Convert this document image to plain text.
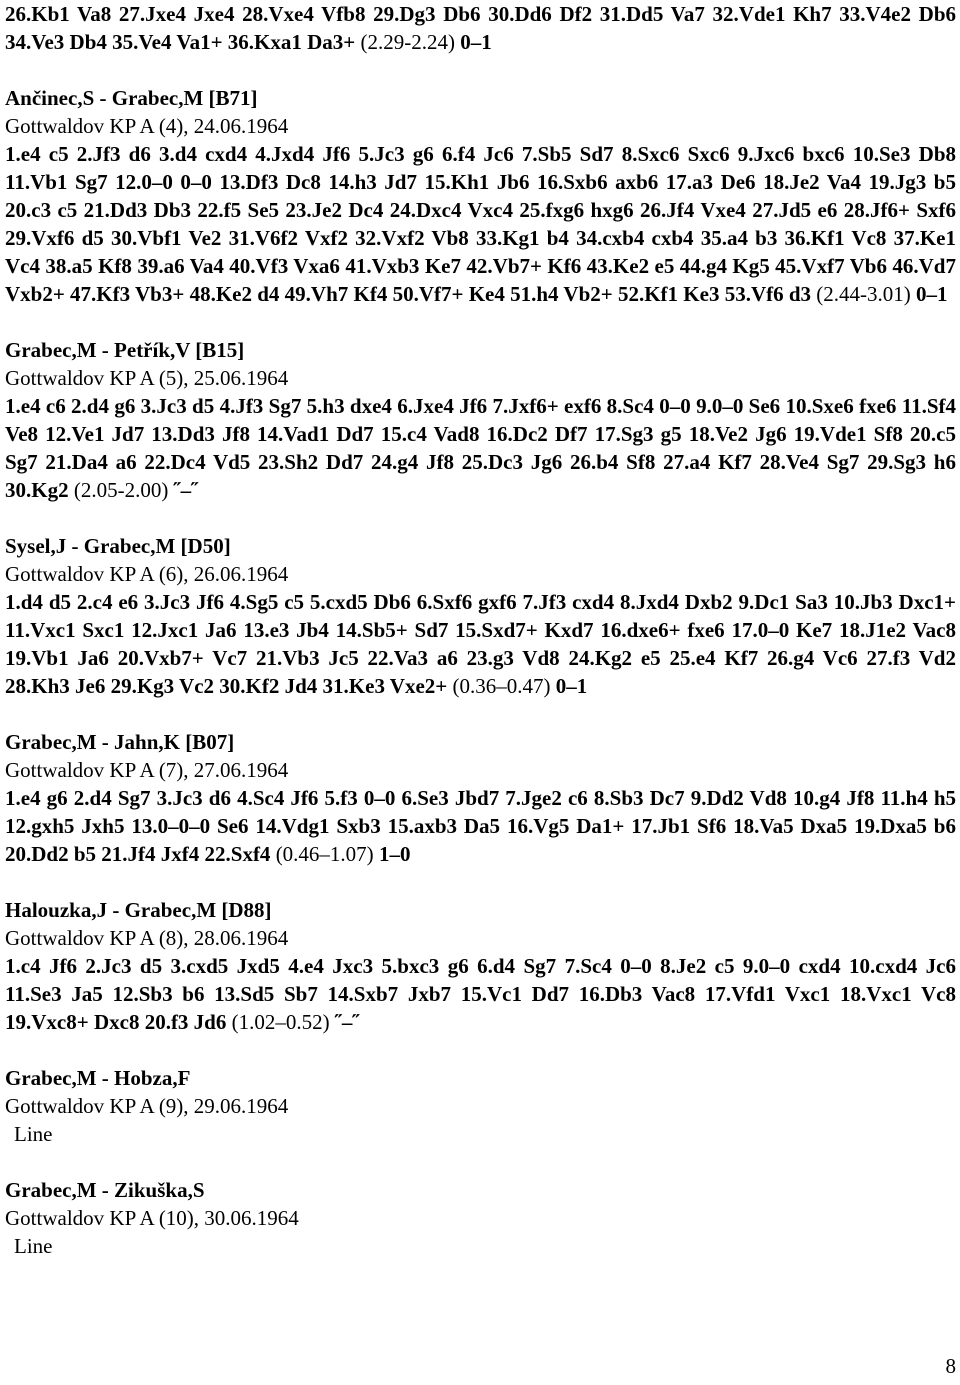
26.Kb1 Va8 27.Jxe4 Jxe4 28.Vxe4 Vfb8 29.Dg3 Db6 30.Dd6 Df2 31.Dd5 Va7 32.Vde1 Kh7 33.V4e2 Db6 34.Ve3 Db4 35.Ve4 Va1+ 36.Kxa1 Da3+ (2.29-2.24) 0–1

Ančinec,S - Grabec,M [B71]
Gottwaldov KP A (4), 24.06.1964

1.e4 c5 2.Jf3 d6 3.d4 cxd4 4.Jxd4 Jf6 5.Jc3 g6 6.f4 Jc6 7.Sb5 Sd7 8.Sxc6 Sxc6 9.Jxc6 bxc6 10.Se3 Db8 11.Vb1 Sg7 12.0–0 0–0 13.Df3 Dc8 14.h3 Jd7 15.Kh1 Jb6 16.Sxb6 axb6 17.a3 De6 18.Je2 Va4 19.Jg3 b5 20.c3 c5 21.Dd3 Db3 22.f5 Se5 23.Je2 Dc4 24.Dxc4 Vxc4 25.fxg6 hxg6 26.Jf4 Vxe4 27.Jd5 e6 28.Jf6+ Sxf6 29.Vxf6 d5 30.Vbf1 Ve2 31.V6f2 Vxf2 32.Vxf2 Vb8 33.Kg1 b4 34.cxb4 cxb4 35.a4 b3 36.Kf1 Vc8 37.Ke1 Vc4 38.a5 Kf8 39.a6 Va4 40.Vf3 Vxa6 41.Vxb3 Ke7 42.Vb7+ Kf6 43.Ke2 e5 44.g4 Kg5 45.Vxf7 Vb6 46.Vd7 Vxb2+ 47.Kf3 Vb3+ 48.Ke2 d4 49.Vh7 Kf4 50.Vf7+ Ke4 51.h4 Vb2+ 52.Kf1 Ke3 53.Vf6 d3 (2.44-3.01) 0–1

Grabec,M - Petřík,V [B15]
Gottwaldov KP A (5), 25.06.1964

1.e4 c6 2.d4 g6 3.Jc3 d5 4.Jf3 Sg7 5.h3 dxe4 6.Jxe4 Jf6 7.Jxf6+ exf6 8.Sc4 0–0 9.0–0 Se6 10.Sxe6 fxe6 11.Sf4 Ve8 12.Ve1 Jd7 13.Dd3 Jf8 14.Vad1 Dd7 15.c4 Vad8 16.Dc2 Df7 17.Sg3 g5 18.Ve2 Jg6 19.Vde1 Sf8 20.c5 Sg7 21.Da4 a6 22.Dc4 Vd5 23.Sh2 Dd7 24.g4 Jf8 25.Dc3 Jg6 26.b4 Sf8 27.a4 Kf7 28.Ve4 Sg7 29.Sg3 h6 30.Kg2 (2.05-2.00) ˝–˝

Sysel,J - Grabec,M [D50]
Gottwaldov KP A (6), 26.06.1964

1.d4 d5 2.c4 e6 3.Jc3 Jf6 4.Sg5 c5 5.cxd5 Db6 6.Sxf6 gxf6 7.Jf3 cxd4 8.Jxd4 Dxb2 9.Dc1 Sa3 10.Jb3 Dxc1+ 11.Vxc1 Sxc1 12.Jxc1 Ja6 13.e3 Jb4 14.Sb5+ Sd7 15.Sxd7+ Kxd7 16.dxe6+ fxe6 17.0–0 Ke7 18.J1e2 Vac8 19.Vb1 Ja6 20.Vxb7+ Vc7 21.Vb3 Jc5 22.Va3 a6 23.g3 Vd8 24.Kg2 e5 25.e4 Kf7 26.g4 Vc6 27.f3 Vd2 28.Kh3 Je6 29.Kg3 Vc2 30.Kf2 Jd4 31.Ke3 Vxe2+ (0.36–0.47) 0–1

Grabec,M - Jahn,K [B07]
Gottwaldov KP A (7), 27.06.1964

1.e4 g6 2.d4 Sg7 3.Jc3 d6 4.Sc4 Jf6 5.f3 0–0 6.Se3 Jbd7 7.Jge2 c6 8.Sb3 Dc7 9.Dd2 Vd8 10.g4 Jf8 11.h4 h5 12.gxh5 Jxh5 13.0–0–0 Se6 14.Vdg1 Sxb3 15.axb3 Da5 16.Vg5 Da1+ 17.Jb1 Sf6 18.Va5 Dxa5 19.Dxa5 b6 20.Dd2 b5 21.Jf4 Jxf4 22.Sxf4 (0.46–1.07) 1–0

Halouzka,J - Grabec,M [D88]
Gottwaldov KP A (8), 28.06.1964

1.c4 Jf6 2.Jc3 d5 3.cxd5 Jxd5 4.e4 Jxc3 5.bxc3 g6 6.d4 Sg7 7.Sc4 0–0 8.Je2 c5 9.0–0 cxd4 10.cxd4 Jc6 11.Se3 Ja5 12.Sb3 b6 13.Sd5 Sb7 14.Sxb7 Jxb7 15.Vc1 Dd7 16.Db3 Vac8 17.Vfd1 Vxc1 18.Vxc1 Vc8 19.Vxc8+ Dxc8 20.f3 Jd6 (1.02–0.52) ˝–˝

Grabec,M - Hobza,F
Gottwaldov KP A (9), 29.06.1964
Line
Grabec,M - Zikuška,S
Gottwaldov KP A (10), 30.06.1964
Line
8
